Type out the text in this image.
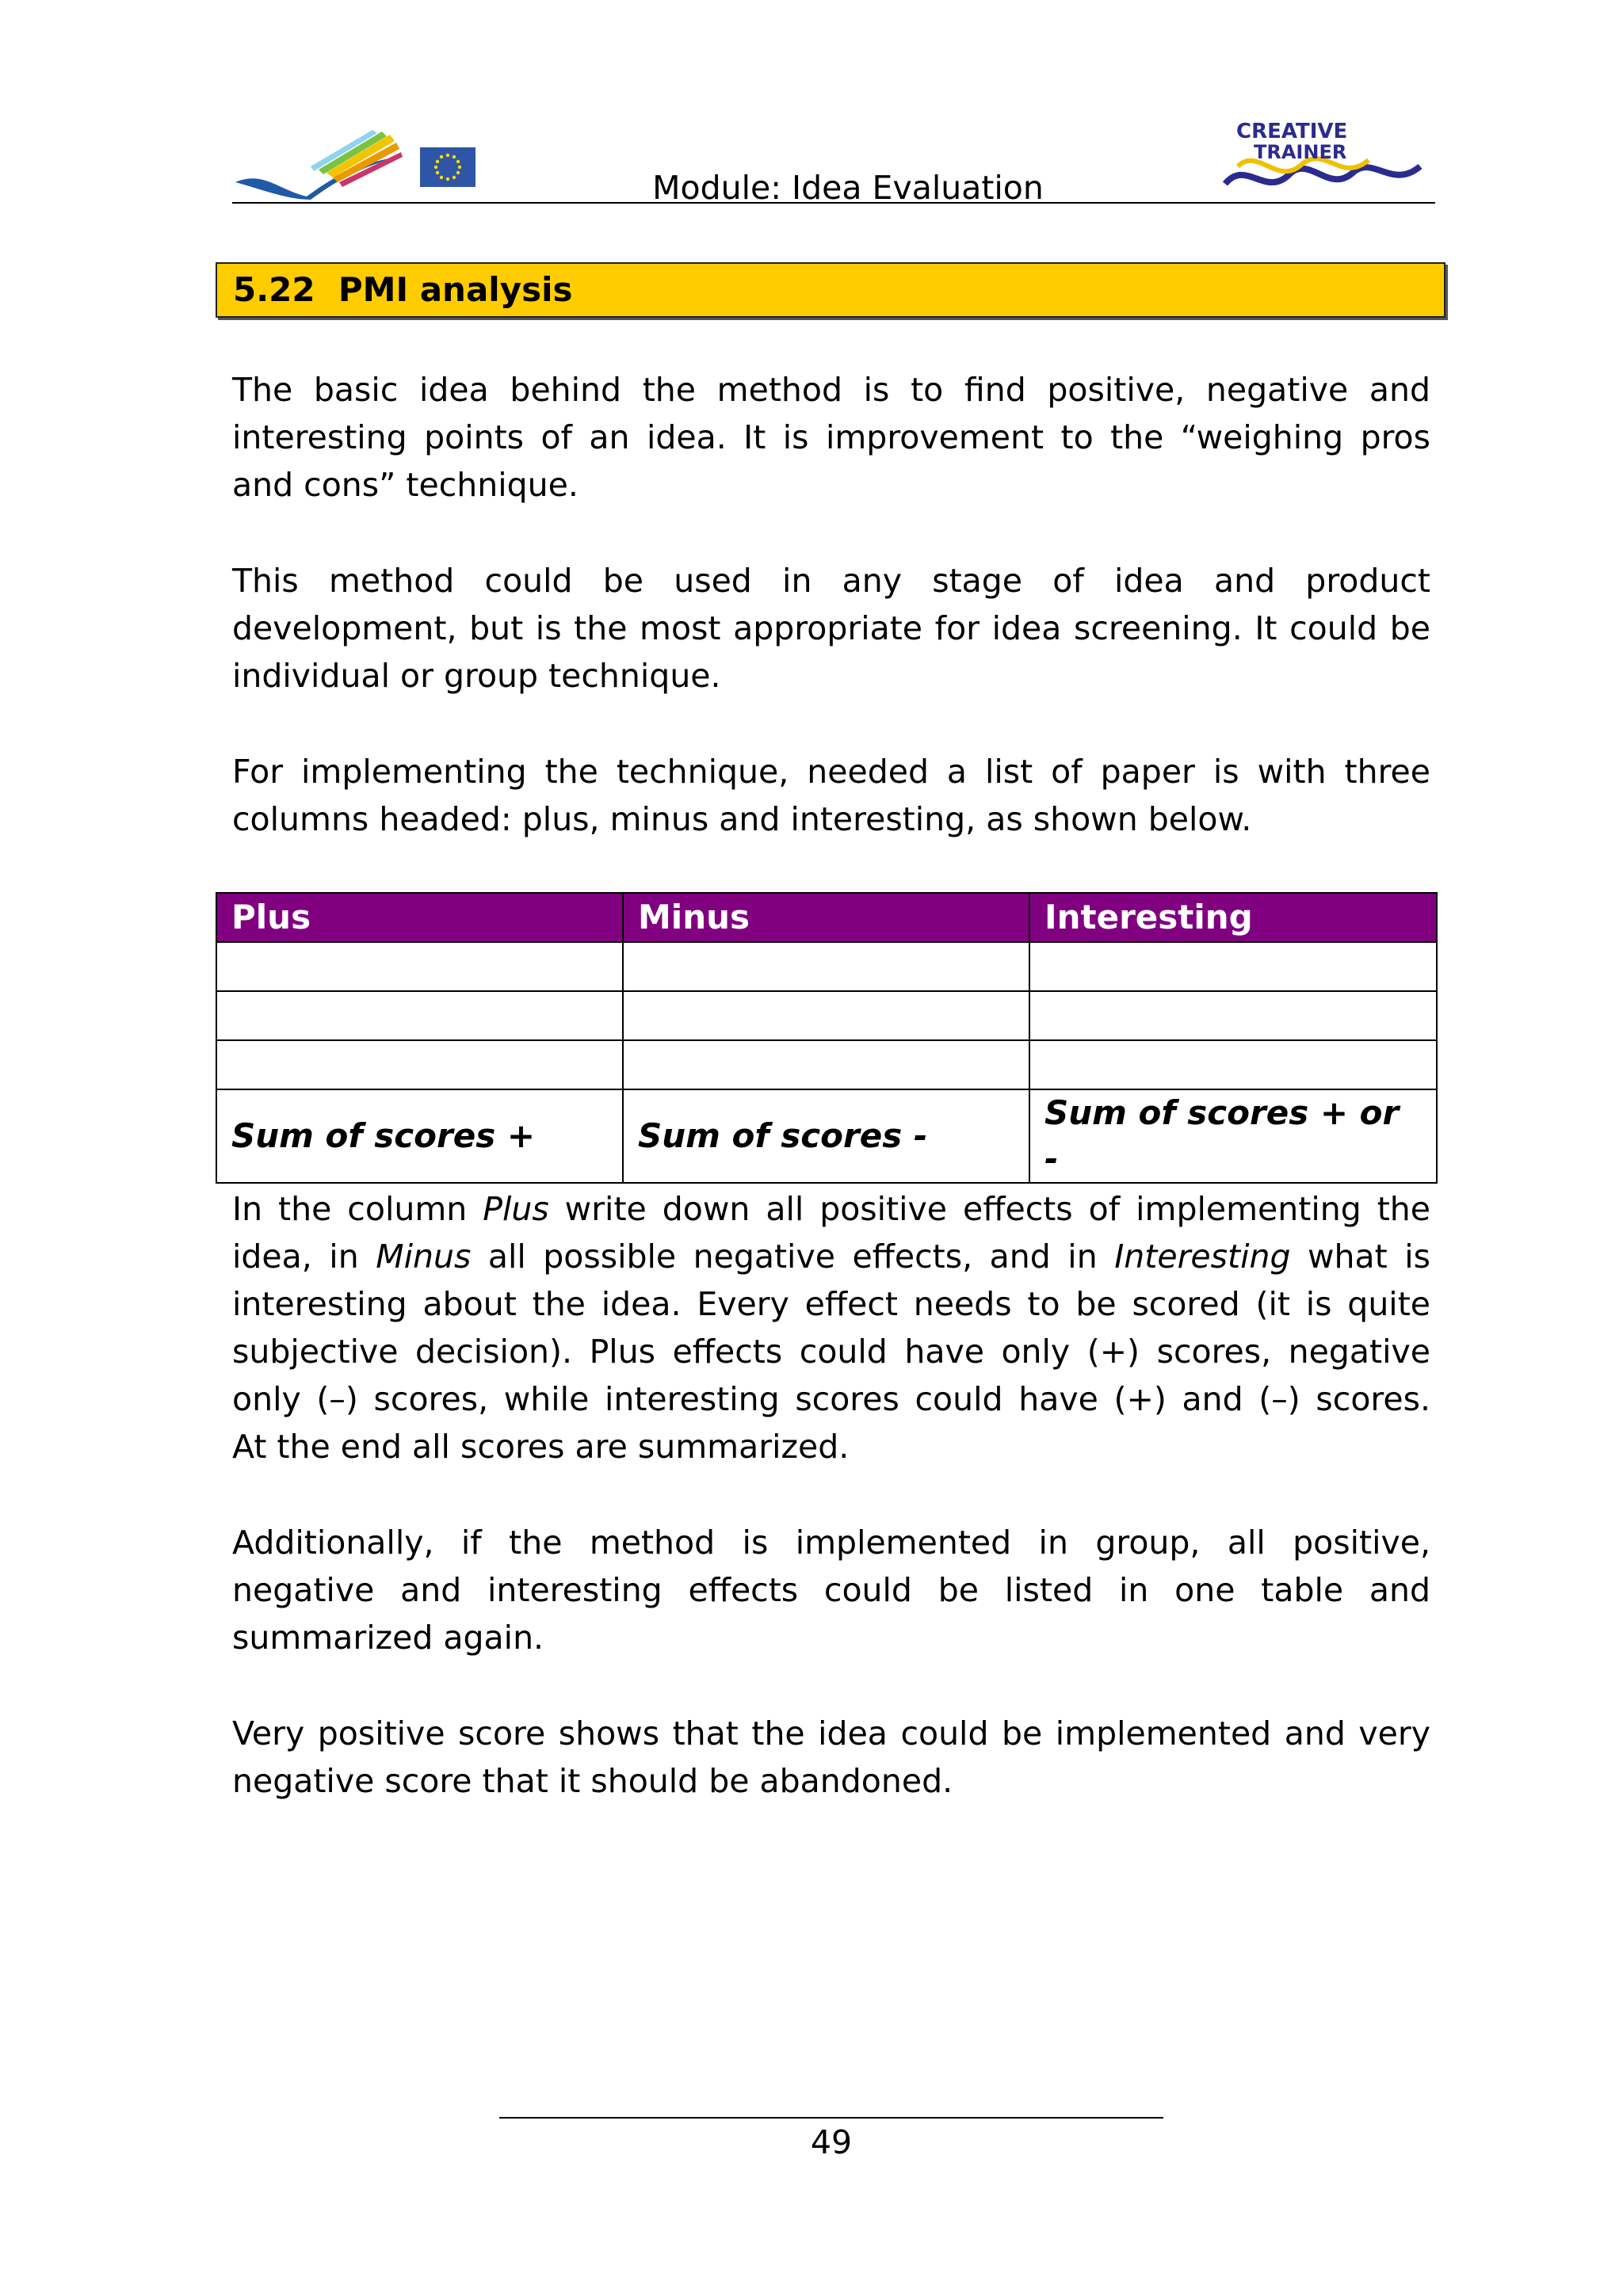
CREATIVE
TRAINER
Module: Idea Evaluation
5.22 PMI analysis

The basic idea behind the method is to find positive, negative and
interesting points of an idea. It is improvement to the “weighing pros
and cons” technique.

This method could be used in any stage of idea and product
development, but is the most appropriate for idea screening. It could be
individual or group technique.

For implementing the technique, needed a list of paper is with three
columns headed: plus, minus and interesting, as shown below.

Plus	Minus	Interesting

Sum of scores +	Sum of scores -	Sum of scores + or -

In the column Plus write down all positive effects of implementing the
idea, in Minus all possible negative effects, and in Interesting what is
interesting about the idea. Every effect needs to be scored (it is quite
subjective decision). Plus effects could have only (+) scores, negative
only (–) scores, while interesting scores could have (+) and (–) scores.
At the end all scores are summarized.

Additionally, if the method is implemented in group, all positive,
negative and interesting effects could be listed in one table and
summarized again.

Very positive score shows that the idea could be implemented and very
negative score that it should be abandoned.

49
